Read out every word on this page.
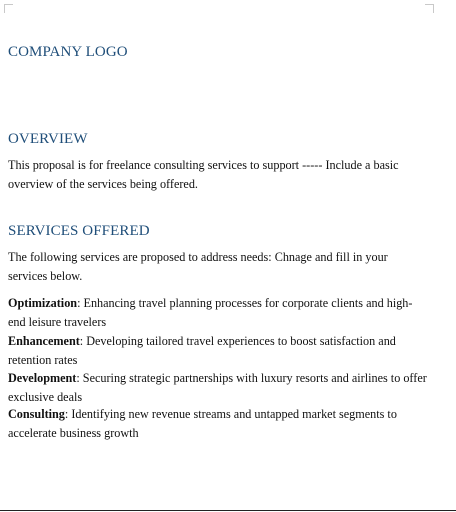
COMPANY LOGO
OVERVIEW

This proposal is for freelance consulting services to support ----- Include a basic overview of the services being offered.

SERVICES OFFERED

The following services are proposed to address needs: Chnage and fill in your services below.

Optimization: Enhancing travel planning processes for corporate clients and high-end leisure travelers

Enhancement: Developing tailored travel experiences to boost satisfaction and retention rates

Development: Securing strategic partnerships with luxury resorts and airlines to offer exclusive deals

Consulting: Identifying new revenue streams and untapped market segments to accelerate business growth
